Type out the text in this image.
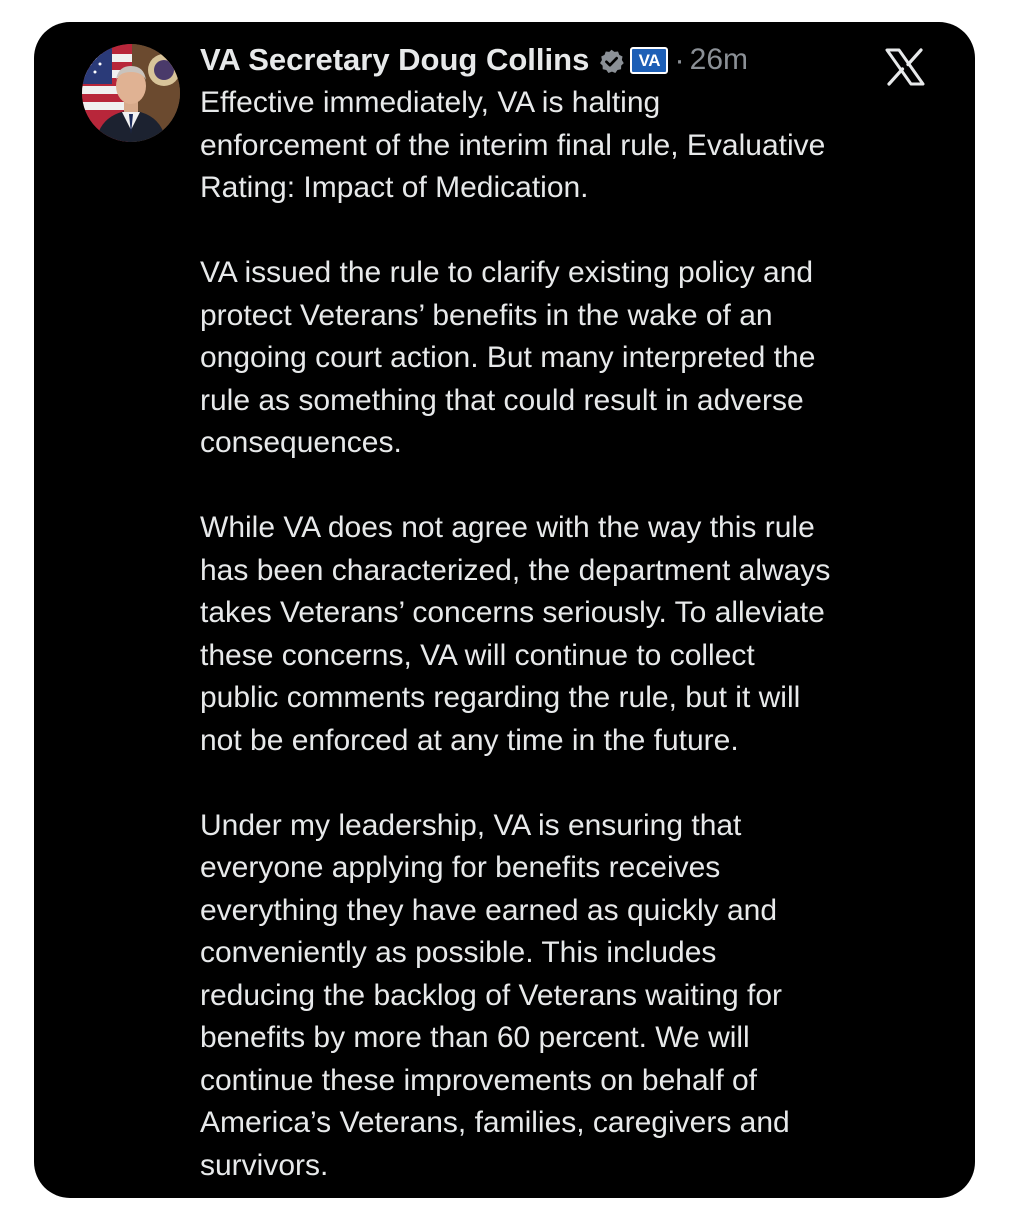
VA Secretary Doug Collins	VA · 26m
Effective immediately, VA is halting
enforcement of the interim final rule, Evaluative
Rating: Impact of Medication.
VA issued the rule to clarify existing policy and
protect Veterans’ benefits in the wake of an
ongoing court action. But many interpreted the
rule as something that could result in adverse
consequences.
While VA does not agree with the way this rule
has been characterized, the department always
takes Veterans’ concerns seriously. To alleviate
these concerns, VA will continue to collect
public comments regarding the rule, but it will
not be enforced at any time in the future.
Under my leadership, VA is ensuring that
everyone applying for benefits receives
everything they have earned as quickly and
conveniently as possible. This includes
reducing the backlog of Veterans waiting for
benefits by more than 60 percent. We will
continue these improvements on behalf of
America’s Veterans, families, caregivers and
survivors.
